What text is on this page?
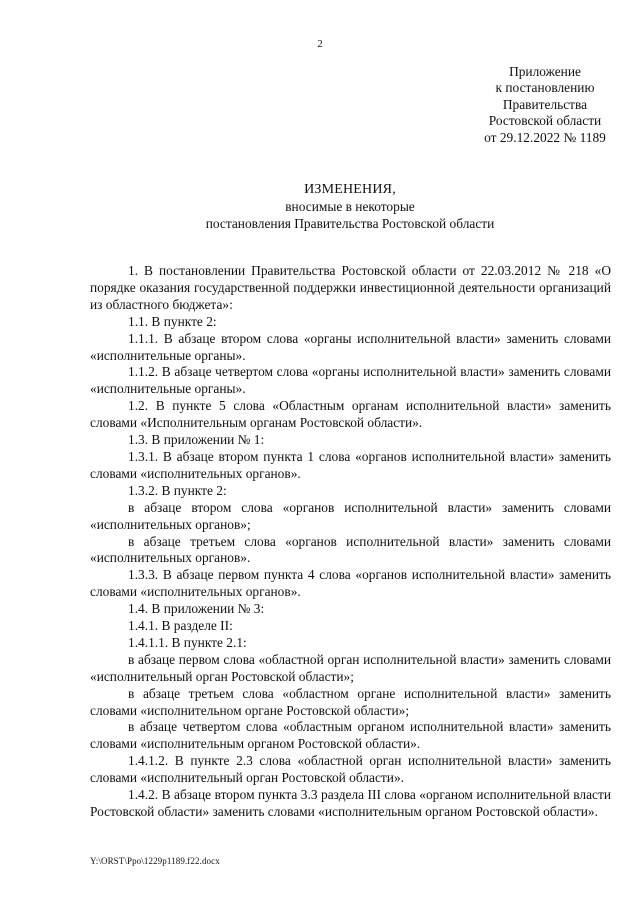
2
Приложение
к постановлению
Правительства
Ростовской области
от 29.12.2022 № 1189
ИЗМЕНЕНИЯ,
вносимые в некоторые
постановления Правительства Ростовской области

1. В постановлении Правительства Ростовской области от 22.03.2012 № 218 «О порядке оказания государственной поддержки инвестиционной деятельности организаций из областного бюджета»:

1.1. В пункте 2:

1.1.1. В абзаце втором слова «органы исполнительной власти» заменить словами «исполнительные органы».

1.1.2. В абзаце четвертом слова «органы исполнительной власти» заменить словами «исполнительные органы».

1.2. В пункте 5 слова «Областным органам исполнительной власти» заменить словами «Исполнительным органам Ростовской области».

1.3. В приложении № 1:

1.3.1. В абзаце втором пункта 1 слова «органов исполнительной власти» заменить словами «исполнительных органов».

1.3.2. В пункте 2:

в абзаце втором слова «органов исполнительной власти» заменить словами «исполнительных органов»;

в абзаце третьем слова «органов исполнительной власти» заменить словами «исполнительных органов».

1.3.3. В абзаце первом пункта 4 слова «органов исполнительной власти» заменить словами «исполнительных органов».

1.4. В приложении № 3:

1.4.1. В разделе II:

1.4.1.1. В пункте 2.1:

в абзаце первом слова «областной орган исполнительной власти» заменить словами «исполнительный орган Ростовской области»;

в абзаце третьем слова «областном органе исполнительной власти» заменить словами «исполнительном органе Ростовской области»;

в абзаце четвертом слова «областным органом исполнительной власти» заменить словами «исполнительным органом Ростовской области».

1.4.1.2. В пункте 2.3 слова «областной орган исполнительной власти» заменить словами «исполнительный орган Ростовской области».

1.4.2. В абзаце втором пункта 3.3 раздела III слова «органом исполнительной власти Ростовской области» заменить словами «исполнительным органом Ростовской области».

Y:\ORST\Ppo\1229p1189.f22.docx
